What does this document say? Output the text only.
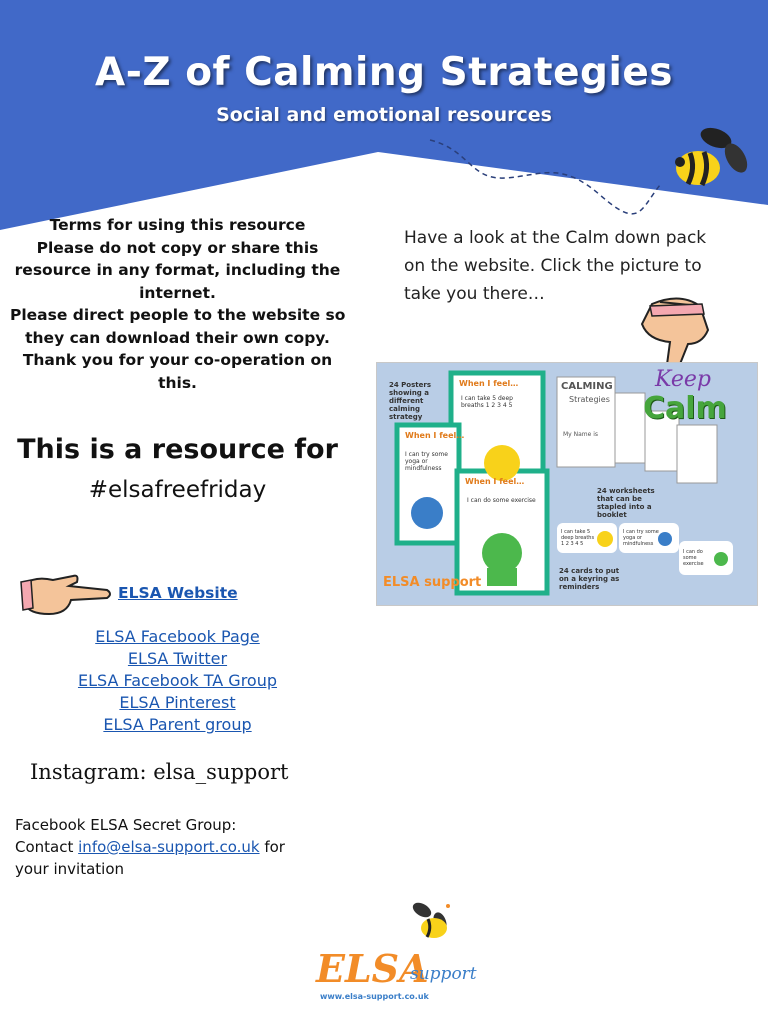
A-Z of Calming Strategies
Social and emotional resources
Terms for using this resource
Please do not copy or share this
resource in any format, including the
internet.
Please direct people to the website so
they can download their own copy.
Thank you for your co-operation on
this.
This is a resource for
#elsafreefriday
Have a look at the Calm down pack
on the website. Click the picture to
take you there…
24 Posters showing a different calming strategy
When I feel…
I can take 5 deep breaths 1 2 3 4 5
When I feel…
I can try some yoga or mindfulness
When I feel…
I can do some exercise
CALMING
Strategies
My Name is
Keep
Calm
24 worksheets that can be stapled into a booklet
I can take 5 deep breaths 1 2 3 4 5
I can try some yoga or mindfulness
I can do some exercise
24 cards to put on a keyring as reminders
ELSA support
ELSA Website
ELSA Facebook Page
ELSA Twitter
ELSA Facebook TA Group
ELSA Pinterest
ELSA Parent group
Instagram: elsa_support
Facebook ELSA Secret Group:
Contact info@elsa-support.co.uk for
your invitation
ELSA
support
www.elsa-support.co.uk
